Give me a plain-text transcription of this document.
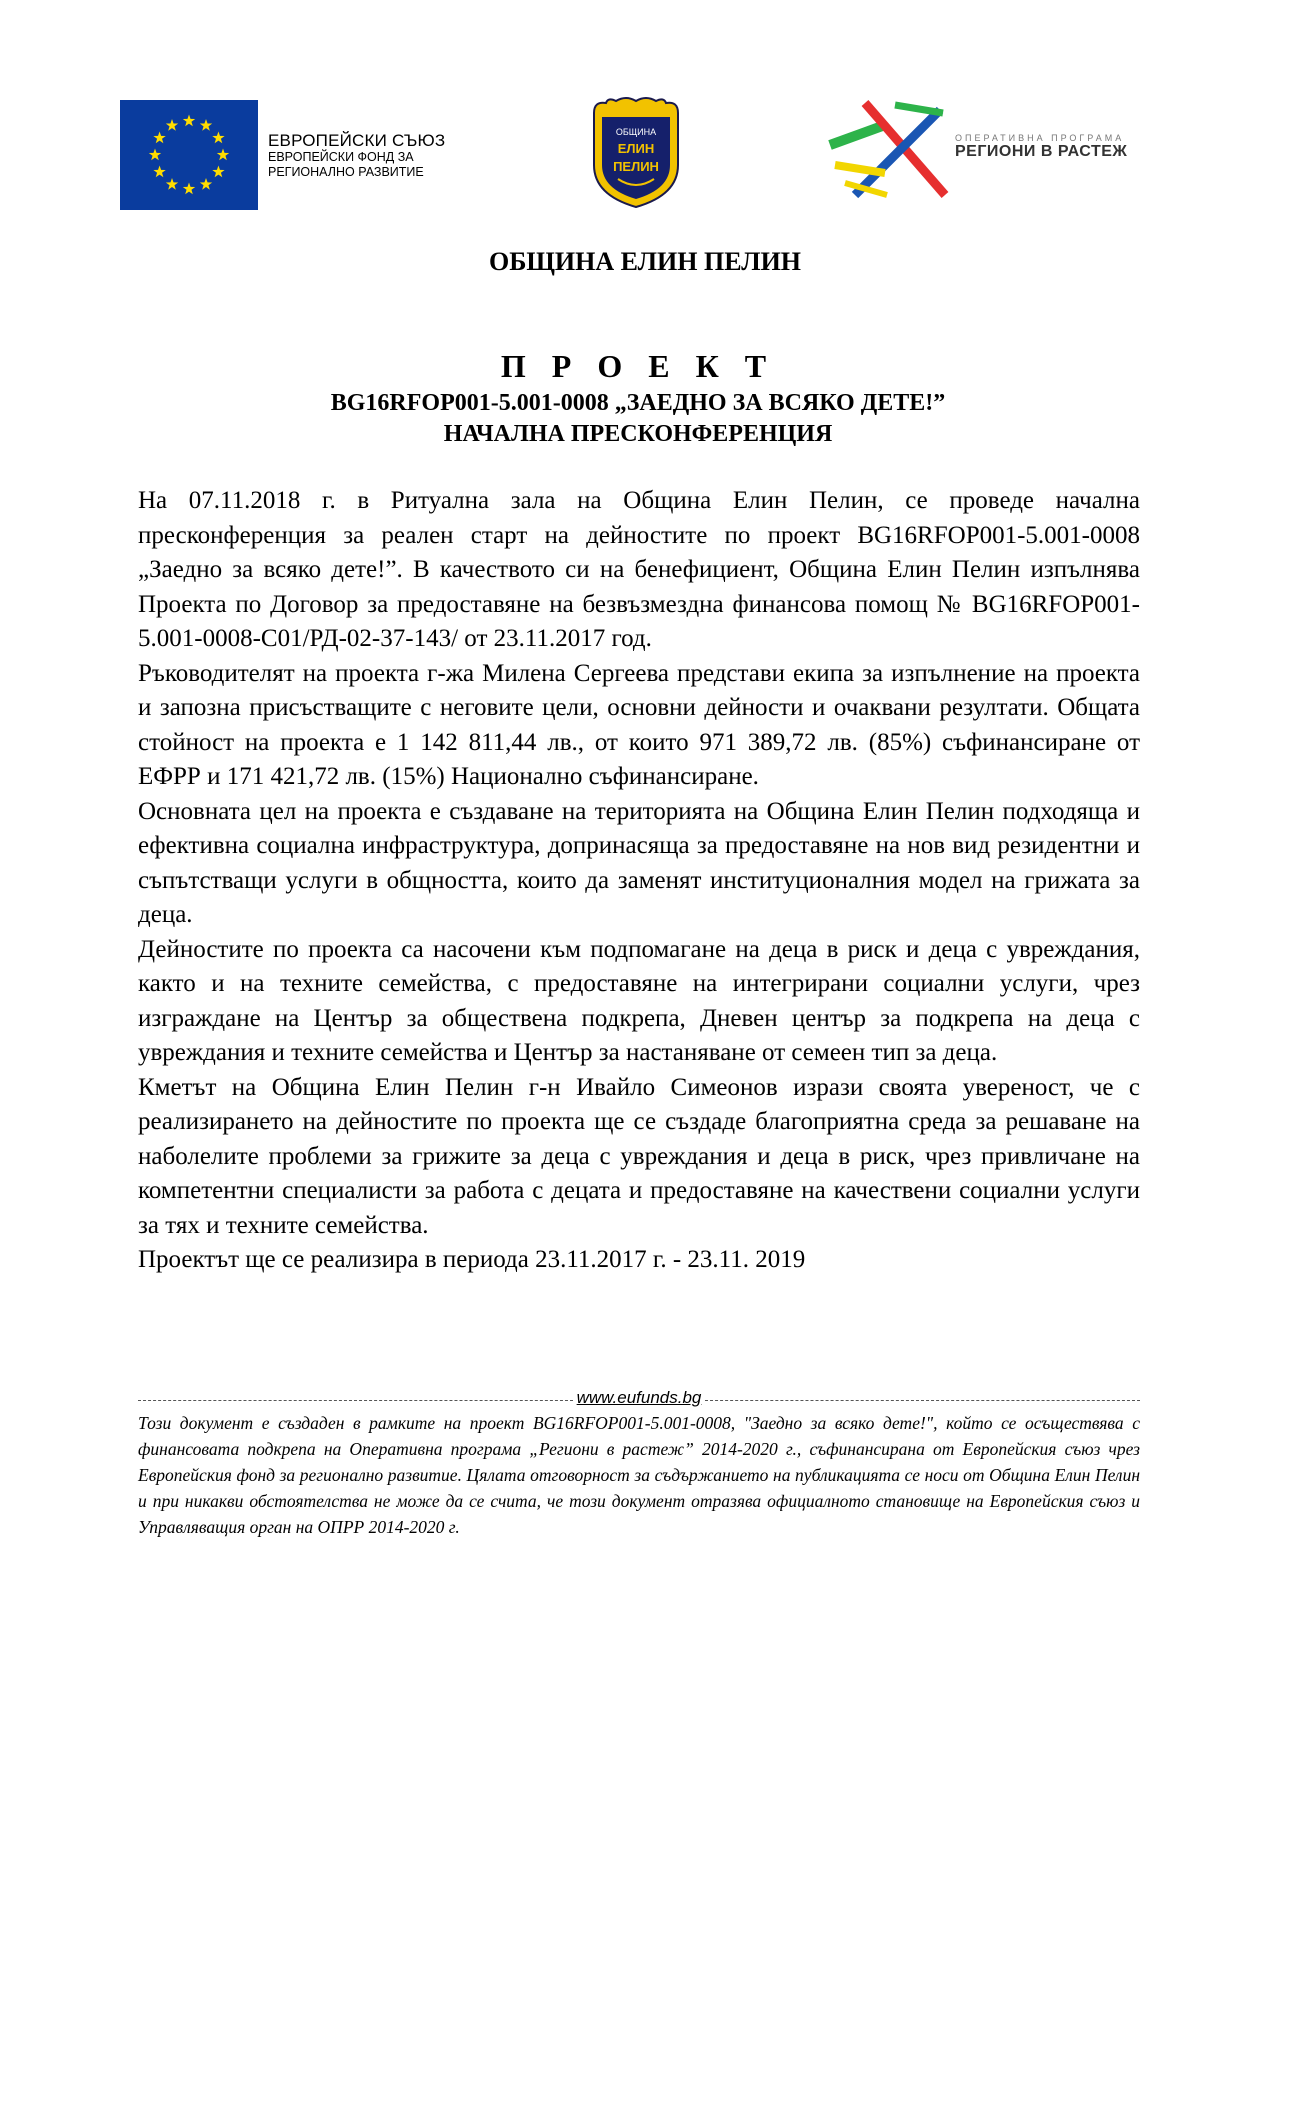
ЕВРОПЕЙСКИ СЪЮЗ
ЕВРОПЕЙСКИ ФОНД ЗА
РЕГИОНАЛНО РАЗВИТИЕ
ОБЩИНА
ЕЛИН
ПЕЛИН
ОПЕРАТИВНА ПРОГРАМА
РЕГИОНИ В РАСТЕЖ
ОБЩИНА ЕЛИН ПЕЛИН
П Р О Е К Т
BG16RFOP001-5.001-0008 „ЗАЕДНО ЗА ВСЯКО ДЕТЕ!”
НАЧАЛНА ПРЕСКОНФЕРЕНЦИЯ

На 07.11.2018 г. в Ритуална зала на Община Елин Пелин, се проведе начална пресконференция за реален старт на дейностите по проект BG16RFOP001-5.001-0008 „Заедно за всяко дете!”. В качеството си на бенефициент, Община Елин Пелин изпълнява Проекта по Договор за предоставяне на безвъзмездна финансова помощ № BG16RFOP001-5.001-0008-С01/РД-02-37-143/ от 23.11.2017 год.

Ръководителят на проекта г-жа Милена Сергеева представи екипа за изпълнение на проекта и запозна присъстващите с неговите цели, основни дейности и очаквани резултати. Общата стойност на проекта е 1 142 811,44 лв., от които 971 389,72 лв. (85%) съфинансиране от ЕФРР и 171 421,72 лв. (15%) Национално съфинансиране.

Основната цел на проекта е създаване на територията на Община Елин Пелин подходяща и ефективна социална инфраструктура, допринасяща за предоставяне на нов вид резидентни и съпътстващи услуги в общността, които да заменят институционалния модел на грижата за деца.

Дейностите по проекта са насочени към подпомагане на деца в риск и деца с увреждания, както и на техните семейства, с предоставяне на интегрирани социални услуги, чрез изграждане на Център за обществена подкрепа, Дневен център за подкрепа на деца с увреждания и техните семейства и Център за настаняване от семеен тип за деца.

Кметът на Община Елин Пелин г-н Ивайло Симеонов изрази своята увереност, че с реализирането на дейностите по проекта ще се създаде благоприятна среда за решаване на наболелите проблеми за грижите за деца с увреждания и деца в риск, чрез привличане на компетентни специалисти за работа с децата и предоставяне на качествени социални услуги за тях и техните семейства.

Проектът ще се реализира в периода 23.11.2017 г. - 23.11. 2019

www.eufunds.bg
Този документ е създаден в рамките на проект BG16RFOP001-5.001-0008, "Заедно за всяко дете!", който се осъществява с финансовата подкрепа на Оперативна програма „Региони в растеж” 2014-2020 г., съфинансирана от Европейския съюз чрез Европейския фонд за регионално развитие. Цялата отговорност за съдържанието на публикацията се носи от Община Елин Пелин и при никакви обстоятелства не може да се счита, че този документ отразява официалното становище на Европейския съюз и Управляващия орган на ОПРР 2014-2020 г.
